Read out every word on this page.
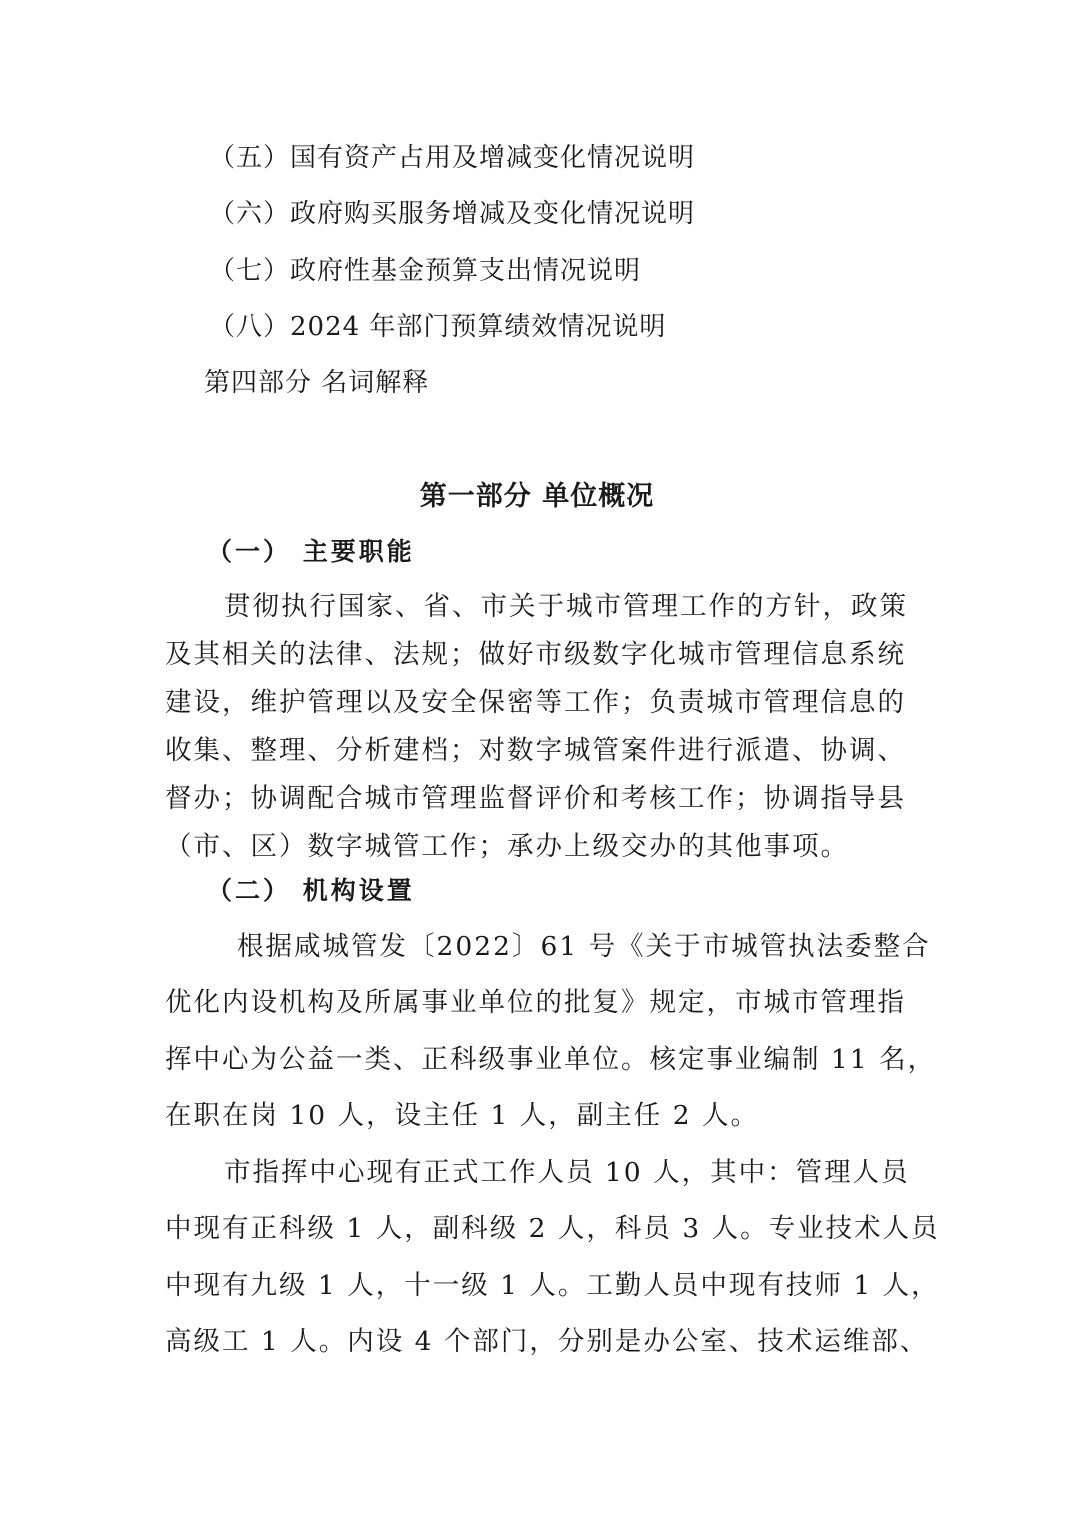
（五）国有资产占用及增减变化情况说明
（六）政府购买服务增减及变化情况说明
（七）政府性基金预算支出情况说明
（八）2024 年部门预算绩效情况说明
第四部分 名词解释
第一部分 单位概况
（一） 主要职能
贯彻执行国家、省、市关于城市管理工作的方针，政策
及其相关的法律、法规；做好市级数字化城市管理信息系统
建设，维护管理以及安全保密等工作；负责城市管理信息的
收集、整理、分析建档；对数字城管案件进行派遣、协调、
督办；协调配合城市管理监督评价和考核工作；协调指导县
（市、区）数字城管工作；承办上级交办的其他事项。
（二） 机构设置
根据咸城管发〔2022〕61 号《关于市城管执法委整合
优化内设机构及所属事业单位的批复》规定，市城市管理指
挥中心为公益一类、正科级事业单位。核定事业编制 11 名，
在职在岗 10 人，设主任 1 人，副主任 2 人。
市指挥中心现有正式工作人员 10 人，其中：管理人员
中现有正科级 1 人，副科级 2 人，科员 3 人。专业技术人员
中现有九级 1 人，十一级 1 人。工勤人员中现有技师 1 人，
高级工 1 人。内设 4 个部门，分别是办公室、技术运维部、
